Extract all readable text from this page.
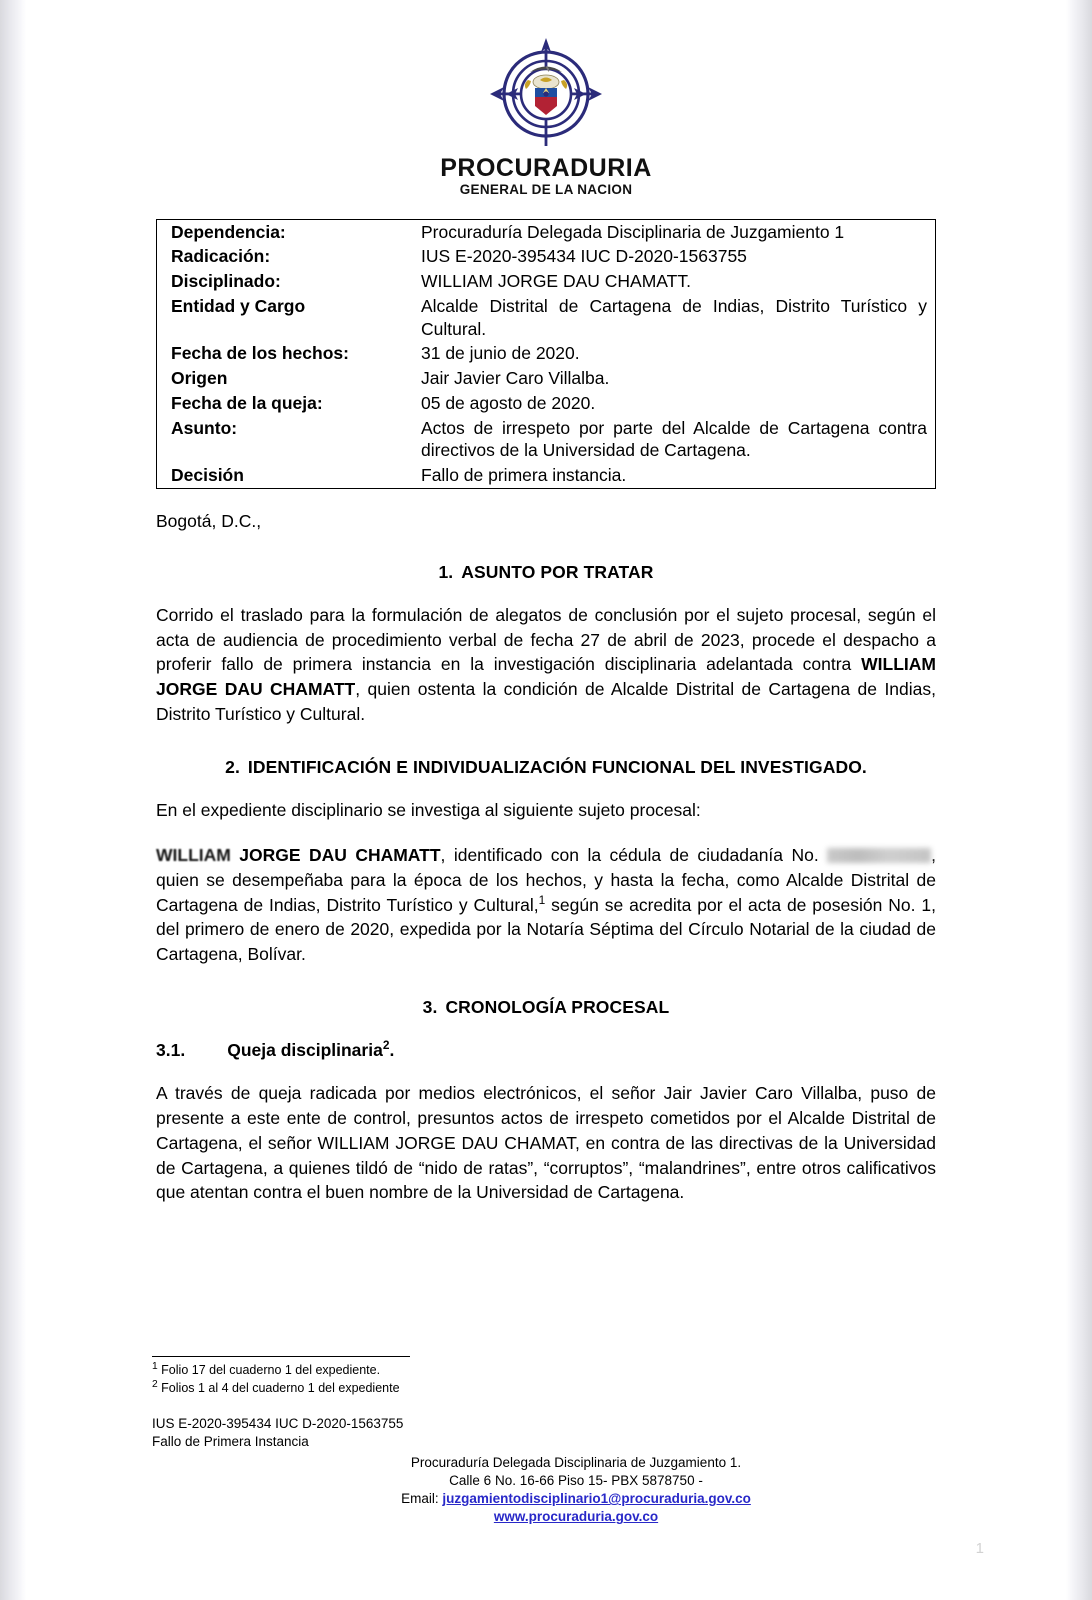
PROCURADURIA
GENERAL DE LA NACION
Dependencia:	Procuraduría Delegada Disciplinaria de Juzgamiento 1
Radicación:	IUS E-2020-395434 IUC D-2020-1563755
Disciplinado:	WILLIAM JORGE DAU CHAMATT.
Entidad y Cargo	Alcalde Distrital de Cartagena de Indias, Distrito Turístico y Cultural.
Fecha de los hechos:	31 de junio de 2020.
Origen	Jair Javier Caro Villalba.
Fecha de la queja:	05 de agosto de 2020.
Asunto:	Actos de irrespeto por parte del Alcalde de Cartagena contra directivos de la Universidad de Cartagena.
Decisión	Fallo de primera instancia.
Bogotá, D.C.,
1. ASUNTO POR TRATAR

Corrido el traslado para la formulación de alegatos de conclusión por el sujeto procesal, según el acta de audiencia de procedimiento verbal de fecha 27 de abril de 2023, procede el despacho a proferir fallo de primera instancia en la investigación disciplinaria adelantada contra WILLIAM JORGE DAU CHAMATT, quien ostenta la condición de Alcalde Distrital de Cartagena de Indias, Distrito Turístico y Cultural.

2. IDENTIFICACIÓN E INDIVIDUALIZACIÓN FUNCIONAL DEL INVESTIGADO.

En el expediente disciplinario se investiga al siguiente sujeto procesal:

WILLIAM JORGE DAU CHAMATT, identificado con la cédula de ciudadanía No.	, quien se desempeñaba para la época de los hechos, y hasta la fecha, como Alcalde Distrital de Cartagena de Indias, Distrito Turístico y Cultural,$^1$ según se acredita por el acta de posesión No. 1, del primero de enero de 2020, expedida por la Notaría Séptima del Círculo Notarial de la ciudad de Cartagena, Bolívar.

3. CRONOLOGÍA PROCESAL
3.1. Queja disciplinaria$^2$.

A través de queja radicada por medios electrónicos, el señor Jair Javier Caro Villalba, puso de presente a este ente de control, presuntos actos de irrespeto cometidos por el Alcalde Distrital de Cartagena, el señor WILLIAM JORGE DAU CHAMAT, en contra de las directivas de la Universidad de Cartagena, a quienes tildó de “nido de ratas”, “corruptos”, “malandrines”, entre otros calificativos que atentan contra el buen nombre de la Universidad de Cartagena.

$^1$ Folio 17 del cuaderno 1 del expediente.
$^2$ Folios 1 al 4 del cuaderno 1 del expediente
IUS E-2020-395434 IUC D-2020-1563755
Fallo de Primera Instancia
Procuraduría Delegada Disciplinaria de Juzgamiento 1.
Calle 6 No. 16-66 Piso 15- PBX 5878750 -
Email: juzgamientodisciplinario1@procuraduria.gov.co
www.procuraduria.gov.co
1
